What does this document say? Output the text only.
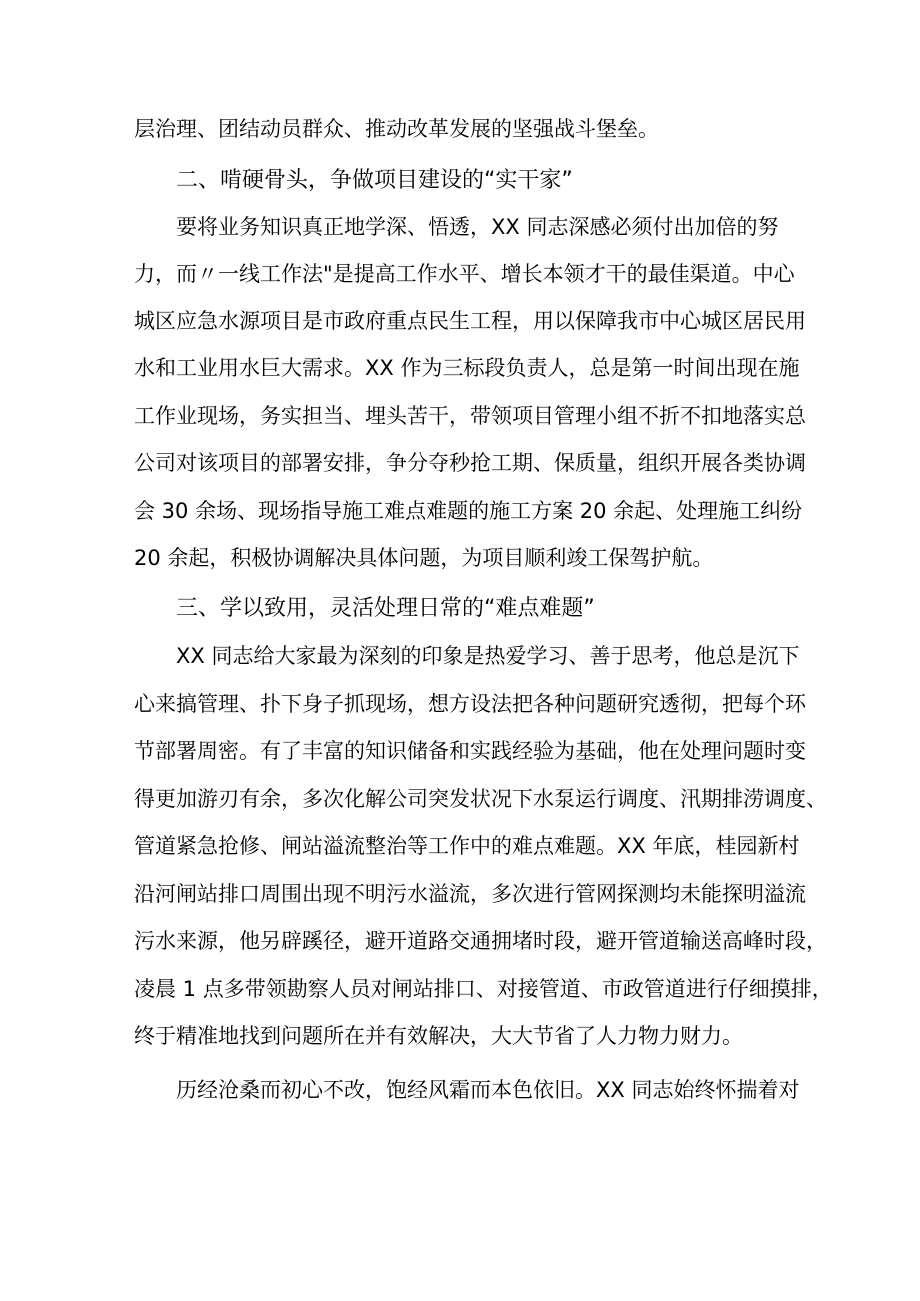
层治理、团结动员群众、推动改革发展的坚强战斗堡垒。
二、啃硬骨头，争做项目建设的“实干家”
要将业务知识真正地学深、悟透，XX 同志深感必须付出加倍的努
力，而〃一线工作法"是提高工作水平、增长本领才干的最佳渠道。中心
城区应急水源项目是市政府重点民生工程，用以保障我市中心城区居民用
水和工业用水巨大需求。XX 作为三标段负责人，总是第一时间出现在施
工作业现场，务实担当、埋头苦干，带领项目管理小组不折不扣地落实总
公司对该项目的部署安排，争分夺秒抢工期、保质量，组织开展各类协调
会 30 余场、现场指导施工难点难题的施工方案 20 余起、处理施工纠纷
20 余起，积极协调解决具体问题，为项目顺利竣工保驾护航。
三、学以致用，灵活处理日常的“难点难题”
XX 同志给大家最为深刻的印象是热爱学习、善于思考，他总是沉下
心来搞管理、扑下身子抓现场，想方设法把各种问题研究透彻，把每个环
节部署周密。有了丰富的知识储备和实践经验为基础，他在处理问题时变
得更加游刃有余，多次化解公司突发状况下水泵运行调度、汛期排涝调度、
管道紧急抢修、闸站溢流整治等工作中的难点难题。XX 年底，桂园新村
沿河闸站排口周围出现不明污水溢流，多次进行管网探测均未能探明溢流
污水来源，他另辟蹊径，避开道路交通拥堵时段，避开管道输送高峰时段，
凌晨 1 点多带领勘察人员对闸站排口、对接管道、市政管道进行仔细摸排，
终于精准地找到问题所在并有效解决，大大节省了人力物力财力。
历经沧桑而初心不改，饱经风霜而本色依旧。XX 同志始终怀揣着对
